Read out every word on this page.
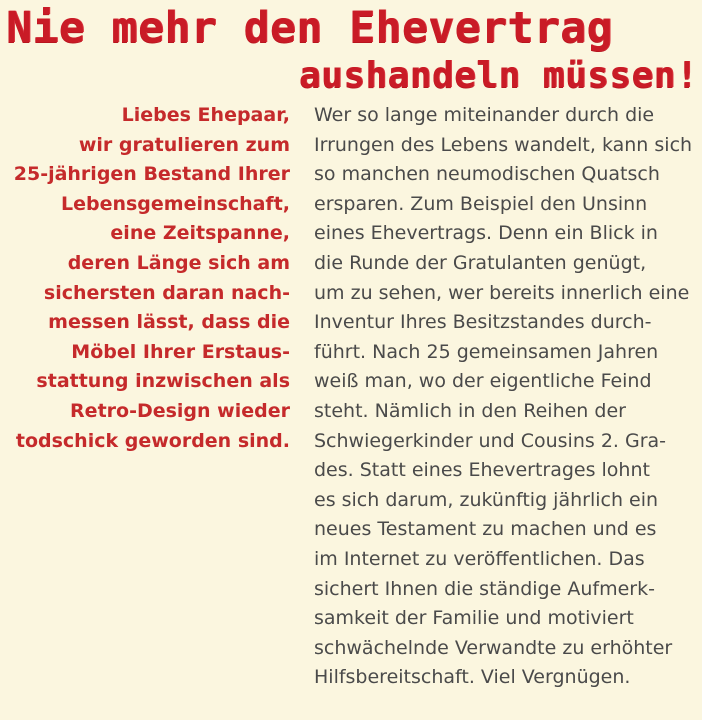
Nie mehr den Ehevertrag
aushandeln müssen!
Liebes Ehepaar,
wir gratulieren zum
25-jährigen Bestand Ihrer
Lebensgemeinschaft,
eine Zeitspanne,
deren Länge sich am
sichersten daran nach-
messen lässt, dass die
Möbel Ihrer Erstaus-
stattung inzwischen als
Retro-Design wieder
todschick geworden sind.
Wer so lange miteinander durch die
Irrungen des Lebens wandelt, kann sich
so manchen neumodischen Quatsch
ersparen. Zum Beispiel den Unsinn
eines Ehevertrags. Denn ein Blick in
die Runde der Gratulanten genügt,
um zu sehen, wer bereits innerlich eine
Inventur Ihres Besitzstandes durch-
führt. Nach 25 gemeinsamen Jahren
weiß man, wo der eigentliche Feind
steht. Nämlich in den Reihen der
Schwiegerkinder und Cousins 2. Gra-
des. Statt eines Ehevertrages lohnt
es sich darum, zukünftig jährlich ein
neues Testament zu machen und es
im Internet zu veröffentlichen. Das
sichert Ihnen die ständige Aufmerk-
samkeit der Familie und motiviert
schwächelnde Verwandte zu erhöhter
Hilfsbereitschaft. Viel Vergnügen.
